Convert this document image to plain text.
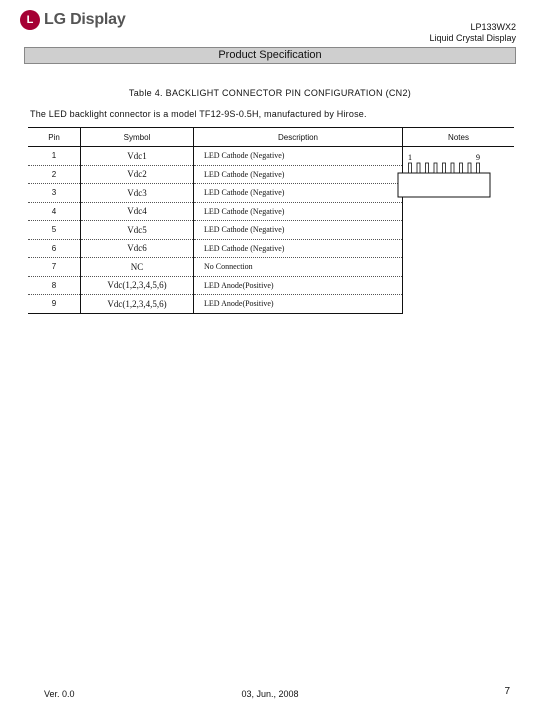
L LG Display	LP133WX2
Liquid Crystal Display
Product Specification
Table 4. BACKLIGHT CONNECTOR PIN CONFIGURATION (CN2)
The LED backlight connector is a model TF12-9S-0.5H, manufactured by Hirose.
Pin	Symbol	Description	Notes
1	Vdc1	LED Cathode (Negative)	
2	Vdc2	LED Cathode (Negative)	
3	Vdc3	LED Cathode (Negative)	
4	Vdc4	LED Cathode (Negative)	
5	Vdc5	LED Cathode (Negative)	
6	Vdc6	LED Cathode (Negative)	
7	NC	No Connection	
8	Vdc(1,2,3,4,5,6)	LED Anode(Positive)	
9	Vdc(1,2,3,4,5,6)	LED Anode(Positive)	
1	9
Ver. 0.0	03, Jun., 2008	7
